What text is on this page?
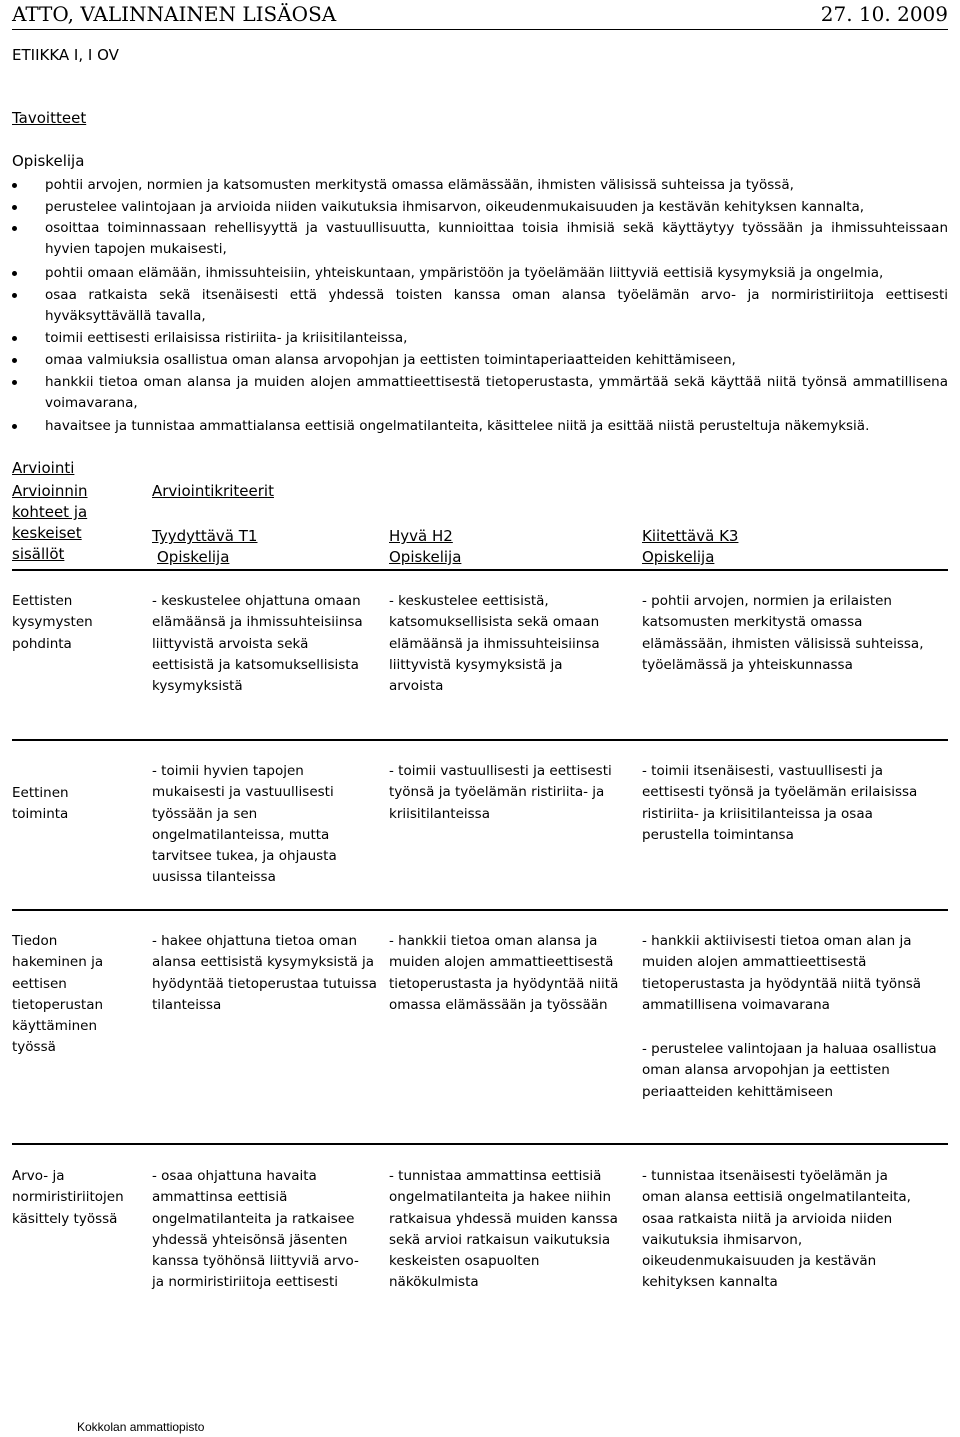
ATTO, VALINNAINEN LISÄOSA	27. 10. 2009
ETIIKKA I, I OV
Tavoitteet
Opiskelija
pohtii arvojen, normien ja katsomusten merkitystä omassa elämässään, ihmisten välisissä suhteissa ja työssä,
perustelee valintojaan ja arvioida niiden vaikutuksia ihmisarvon, oikeudenmukaisuuden ja kestävän kehityksen kannalta,
osoittaa toiminnassaan rehellisyyttä ja vastuullisuutta, kunnioittaa toisia ihmisiä sekä käyttäytyy työssään ja ihmissuhteissaan hyvien tapojen mukaisesti,
pohtii omaan elämään, ihmissuhteisiin, yhteiskuntaan, ympäristöön ja työelämään liittyviä eettisiä kysymyksiä ja ongelmia,
osaa ratkaista sekä itsenäisesti että yhdessä toisten kanssa oman alansa työelämän arvo- ja normiristiriitoja eettisesti hyväksyttävällä tavalla,
toimii eettisesti erilaisissa ristiriita- ja kriisitilanteissa,
omaa valmiuksia osallistua oman alansa arvopohjan ja eettisten toimintaperiaatteiden kehittämiseen,
hankkii tietoa oman alansa ja muiden alojen ammattieettisestä tietoperustasta, ymmärtää sekä käyttää niitä työnsä ammatillisena voimavarana,
havaitsee ja tunnistaa ammattialansa eettisiä ongelmatilanteita, käsittelee niitä ja esittää niistä perusteltuja näkemyksiä.
Arviointi
Arvioinnin kohteet ja keskeiset sisällöt
Arviointikriteerit
Tyydyttävä T1
Opiskelija
Hyvä H2
Opiskelija
Kiitettävä K3
Opiskelija
Eettisten kysymysten pohdinta
- keskustelee ohjattuna omaan elämäänsä ja ihmissuhteisiinsa liittyvistä arvoista sekä eettisistä ja katsomuksellisista kysymyksistä
- keskustelee eettisistä, katsomuksellisista sekä omaan elämäänsä ja ihmissuhteisiinsa liittyvistä kysymyksistä ja arvoista
- pohtii arvojen, normien ja erilaisten katsomusten merkitystä omassa elämässään, ihmisten välisissä suhteissa, työelämässä ja yhteiskunnassa
Eettinen toiminta
- toimii hyvien tapojen mukaisesti ja vastuullisesti työssään ja sen ongelmatilanteissa, mutta tarvitsee tukea, ja ohjausta uusissa tilanteissa
- toimii vastuullisesti ja eettisesti työnsä ja työelämän ristiriita- ja kriisitilanteissa
- toimii itsenäisesti, vastuullisesti ja eettisesti työnsä ja työelämän erilaisissa ristiriita- ja kriisitilanteissa ja osaa perustella toimintansa
Tiedon hakeminen ja eettisen tietoperustan käyttäminen työssä
- hakee ohjattuna tietoa oman alansa eettisistä kysymyksistä ja hyödyntää tietoperustaa tutuissa tilanteissa
- hankkii tietoa oman alansa ja muiden alojen ammattieettisestä tietoperustasta ja hyödyntää niitä omassa elämässään ja työssään
- hankkii aktiivisesti tietoa oman alan ja muiden alojen ammattieettisestä tietoperustasta ja hyödyntää niitä työnsä ammatillisena voimavarana
- perustelee valintojaan ja haluaa osallistua oman alansa arvopohjan ja eettisten periaatteiden kehittämiseen
Arvo- ja normiristiriitojen käsittely työssä
- osaa ohjattuna havaita ammattinsa eettisiä ongelmatilanteita ja ratkaisee yhdessä yhteisönsä jäsenten kanssa työhönsä liittyviä arvo- ja normiristiriitoja eettisesti
- tunnistaa ammattinsa eettisiä ongelmatilanteita ja hakee niihin ratkaisua yhdessä muiden kanssa sekä arvioi ratkaisun vaikutuksia keskeisten osapuolten näkökulmista
- tunnistaa itsenäisesti työelämän ja oman alansa eettisiä ongelmatilanteita, osaa ratkaista niitä ja arvioida niiden vaikutuksia ihmisarvon, oikeudenmukaisuuden ja kestävän kehityksen kannalta
Kokkolan ammattiopisto
